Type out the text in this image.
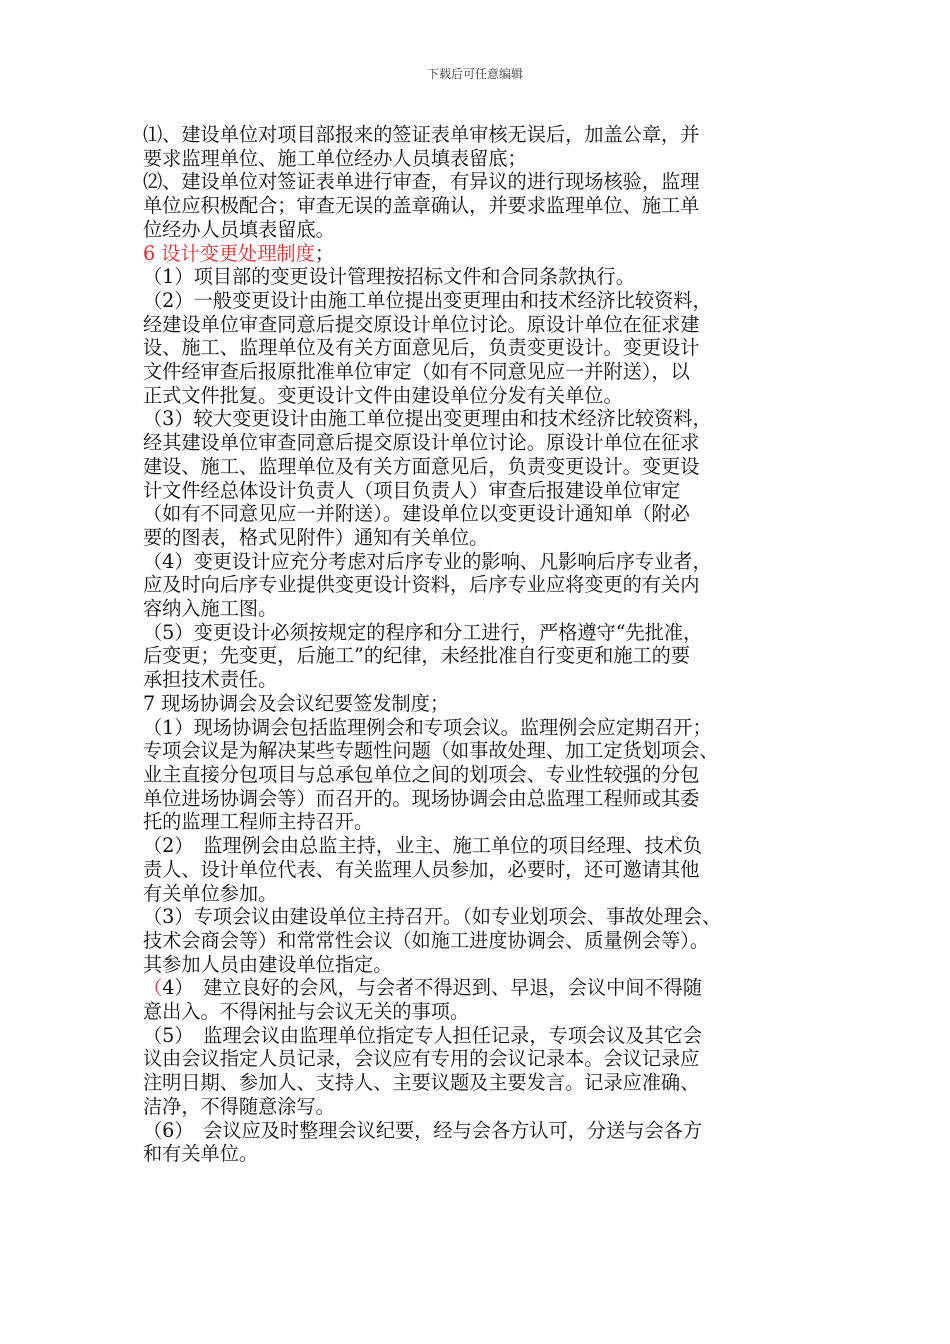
下载后可任意编辑

⑴、建设单位对项目部报来的签证表单审核无误后，加盖公章，并

要求监理单位、施工单位经办人员填表留底；

⑵、建设单位对签证表单进行审查，有异议的进行现场核验，监理

单位应积极配合；审查无误的盖章确认，并要求监理单位、施工单

位经办人员填表留底。

6 设计变更处理制度；

（1）项目部的变更设计管理按招标文件和合同条款执行。

（2）一般变更设计由施工单位提出变更理由和技术经济比较资料，

经建设单位审查同意后提交原设计单位讨论。原设计单位在征求建

设、施工、监理单位及有关方面意见后，负责变更设计。变更设计

文件经审查后报原批准单位审定（如有不同意见应一并附送），以

正式文件批复。变更设计文件由建设单位分发有关单位。

（3）较大变更设计由施工单位提出变更理由和技术经济比较资料，

经其建设单位审查同意后提交原设计单位讨论。原设计单位在征求

建设、施工、监理单位及有关方面意见后，负责变更设计。变更设

计文件经总体设计负责人（项目负责人）审查后报建设单位审定

（如有不同意见应一并附送）。建设单位以变更设计通知单（附必

要的图表，格式见附件）通知有关单位。

（4）变更设计应充分考虑对后序专业的影响、凡影响后序专业者，

应及时向后序专业提供变更设计资料，后序专业应将变更的有关内

容纳入施工图。

（5）变更设计必须按规定的程序和分工进行，严格遵守“先批准，

后变更；先变更，后施工”的纪律，未经批准自行变更和施工的要

承担技术责任。

7 现场协调会及会议纪要签发制度；

（1）现场协调会包括监理例会和专项会议。监理例会应定期召开；

专项会议是为解决某些专题性问题（如事故处理、加工定货划项会、

业主直接分包项目与总承包单位之间的划项会、专业性较强的分包

单位进场协调会等）而召开的。现场协调会由总监理工程师或其委

托的监理工程师主持召开。

（2）　监理例会由总监主持，业主、施工单位的项目经理、技术负

责人、设计单位代表、有关监理人员参加，必要时，还可邀请其他

有关单位参加。

（3）专项会议由建设单位主持召开。（如专业划项会、事故处理会、

技术会商会等）和常常性会议（如施工进度协调会、质量例会等）。

其参加人员由建设单位指定。

（4）　建立良好的会风，与会者不得迟到、早退，会议中间不得随

意出入。不得闲扯与会议无关的事项。

（5）　监理会议由监理单位指定专人担任记录，专项会议及其它会

议由会议指定人员记录，会议应有专用的会议记录本。会议记录应

注明日期、参加人、支持人、主要议题及主要发言。记录应准确、

洁净，不得随意涂写。

（6）　会议应及时整理会议纪要，经与会各方认可，分送与会各方

和有关单位。
